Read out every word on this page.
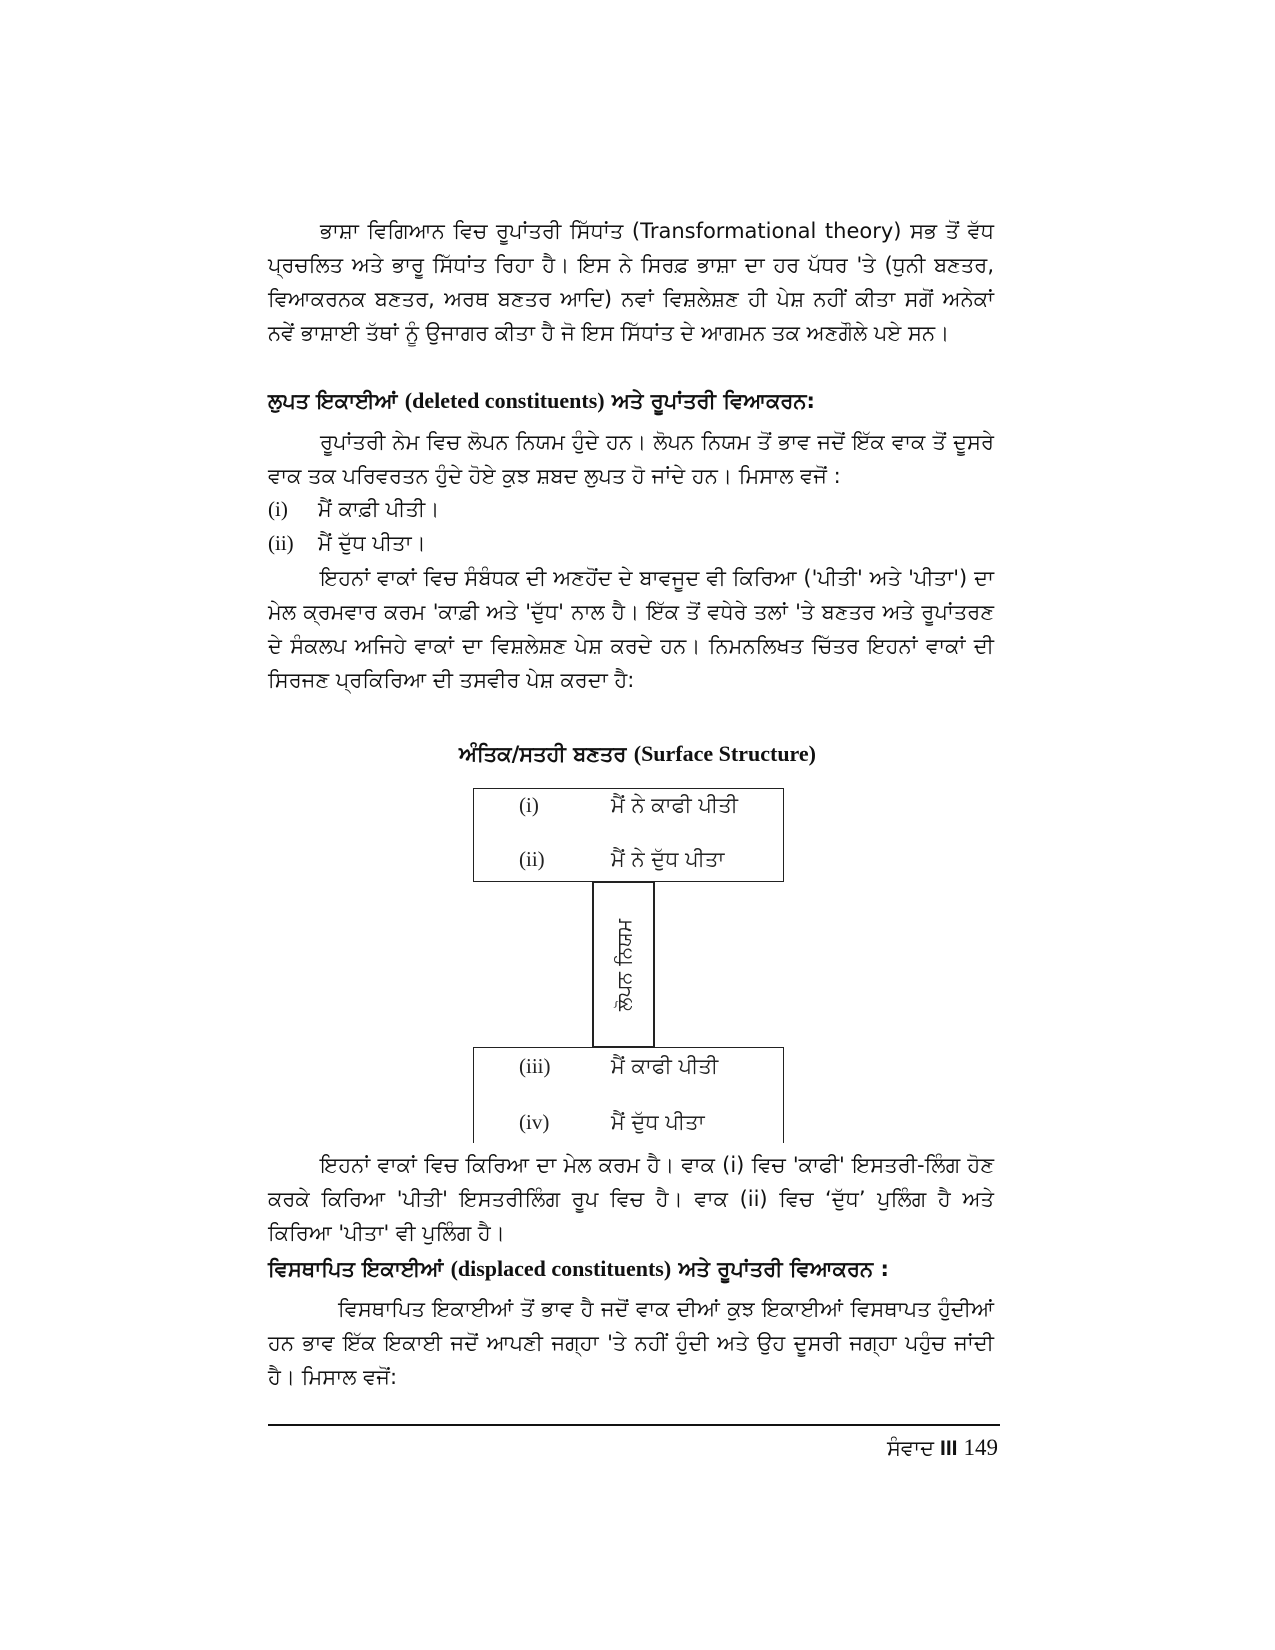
ਭਾਸ਼ਾ ਵਿਗਿਆਨ ਵਿਚ ਰੂਪਾਂਤਰੀ ਸਿੱਧਾਂਤ (Transformational theory) ਸਭ ਤੋਂ ਵੱਧ ਪ੍ਰਚਲਿਤ ਅਤੇ ਭਾਰੂ ਸਿੱਧਾਂਤ ਰਿਹਾ ਹੈ। ਇਸ ਨੇ ਸਿਰਫ਼ ਭਾਸ਼ਾ ਦਾ ਹਰ ਪੱਧਰ 'ਤੇ (ਧੁਨੀ ਬਣਤਰ, ਵਿਆਕਰਨਕ ਬਣਤਰ, ਅਰਥ ਬਣਤਰ ਆਦਿ) ਨਵਾਂ ਵਿਸ਼ਲੇਸ਼ਣ ਹੀ ਪੇਸ਼ ਨਹੀਂ ਕੀਤਾ ਸਗੋਂ ਅਨੇਕਾਂ ਨਵੇਂ ਭਾਸ਼ਾਈ ਤੱਥਾਂ ਨੂੰ ਉਜਾਗਰ ਕੀਤਾ ਹੈ ਜੋ ਇਸ ਸਿੱਧਾਂਤ ਦੇ ਆਗਮਨ ਤਕ ਅਣਗੌਲੇ ਪਏ ਸਨ।

ਲੁਪਤ ਇਕਾਈਆਂ (deleted constituents) ਅਤੇ ਰੂਪਾਂਤਰੀ ਵਿਆਕਰਨ:

ਰੂਪਾਂਤਰੀ ਨੇਮ ਵਿਚ ਲੋਪਨ ਨਿਯਮ ਹੁੰਦੇ ਹਨ। ਲੋਪਨ ਨਿਯਮ ਤੋਂ ਭਾਵ ਜਦੋਂ ਇੱਕ ਵਾਕ ਤੋਂ ਦੂਸਰੇ ਵਾਕ ਤਕ ਪਰਿਵਰਤਨ ਹੁੰਦੇ ਹੋਏ ਕੁਝ ਸ਼ਬਦ ਲੁਪਤ ਹੋ ਜਾਂਦੇ ਹਨ। ਮਿਸਾਲ ਵਜੋਂ :

(i) ਮੈਂ ਕਾਫ਼ੀ ਪੀਤੀ।
(ii) ਮੈਂ ਦੁੱਧ ਪੀਤਾ।

ਇਹਨਾਂ ਵਾਕਾਂ ਵਿਚ ਸੰਬੰਧਕ ਦੀ ਅਣਹੋਂਦ ਦੇ ਬਾਵਜੂਦ ਵੀ ਕਿਰਿਆ ('ਪੀਤੀ' ਅਤੇ 'ਪੀਤਾ') ਦਾ ਮੇਲ ਕ੍ਰਮਵਾਰ ਕਰਮ 'ਕਾਫ਼ੀ ਅਤੇ 'ਦੁੱਧ' ਨਾਲ ਹੈ। ਇੱਕ ਤੋਂ ਵਧੇਰੇ ਤਲਾਂ 'ਤੇ ਬਣਤਰ ਅਤੇ ਰੂਪਾਂਤਰਣ ਦੇ ਸੰਕਲਪ ਅਜਿਹੇ ਵਾਕਾਂ ਦਾ ਵਿਸ਼ਲੇਸ਼ਣ ਪੇਸ਼ ਕਰਦੇ ਹਨ। ਨਿਮਨਲਿਖਤ ਚਿੱਤਰ ਇਹਨਾਂ ਵਾਕਾਂ ਦੀ ਸਿਰਜਣ ਪ੍ਰਕਿਰਿਆ ਦੀ ਤਸਵੀਰ ਪੇਸ਼ ਕਰਦਾ ਹੈ:

ਅੰਤਿਕ/ਸਤਹੀ ਬਣਤਰ (Surface Structure)
(i)	ਮੈਂ ਨੇ ਕਾਫੀ ਪੀਤੀ
(ii)	ਮੈਂ ਨੇ ਦੁੱਧ ਪੀਤਾ
ਲੋਪਨ ਨਿਯਮ
(iii)	ਮੈਂ ਕਾਫੀ ਪੀਤੀ
(iv)	ਮੈਂ ਦੁੱਧ ਪੀਤਾ

ਇਹਨਾਂ ਵਾਕਾਂ ਵਿਚ ਕਿਰਿਆ ਦਾ ਮੇਲ ਕਰਮ ਹੈ। ਵਾਕ (i) ਵਿਚ 'ਕਾਫੀ' ਇਸਤਰੀ-ਲਿੰਗ ਹੋਣ ਕਰਕੇ ਕਿਰਿਆ 'ਪੀਤੀ' ਇਸਤਰੀਲਿੰਗ ਰੂਪ ਵਿਚ ਹੈ। ਵਾਕ (ii) ਵਿਚ ‘ਦੁੱਧ’ ਪੁਲਿੰਗ ਹੈ ਅਤੇ ਕਿਰਿਆ 'ਪੀਤਾ' ਵੀ ਪੁਲਿੰਗ ਹੈ।

ਵਿਸਥਾਪਿਤ ਇਕਾਈਆਂ (displaced constituents) ਅਤੇ ਰੂਪਾਂਤਰੀ ਵਿਆਕਰਨ :

ਵਿਸਥਾਪਿਤ ਇਕਾਈਆਂ ਤੋਂ ਭਾਵ ਹੈ ਜਦੋਂ ਵਾਕ ਦੀਆਂ ਕੁਝ ਇਕਾਈਆਂ ਵਿਸਥਾਪਤ ਹੁੰਦੀਆਂ ਹਨ ਭਾਵ ਇੱਕ ਇਕਾਈ ਜਦੋਂ ਆਪਣੀ ਜਗ੍ਹਾ 'ਤੇ ਨਹੀਂ ਹੁੰਦੀ ਅਤੇ ਉਹ ਦੂਸਰੀ ਜਗ੍ਹਾ ਪਹੁੰਚ ਜਾਂਦੀ ਹੈ। ਮਿਸਾਲ ਵਜੋਂ:

ਸੰਵਾਦ III 149
